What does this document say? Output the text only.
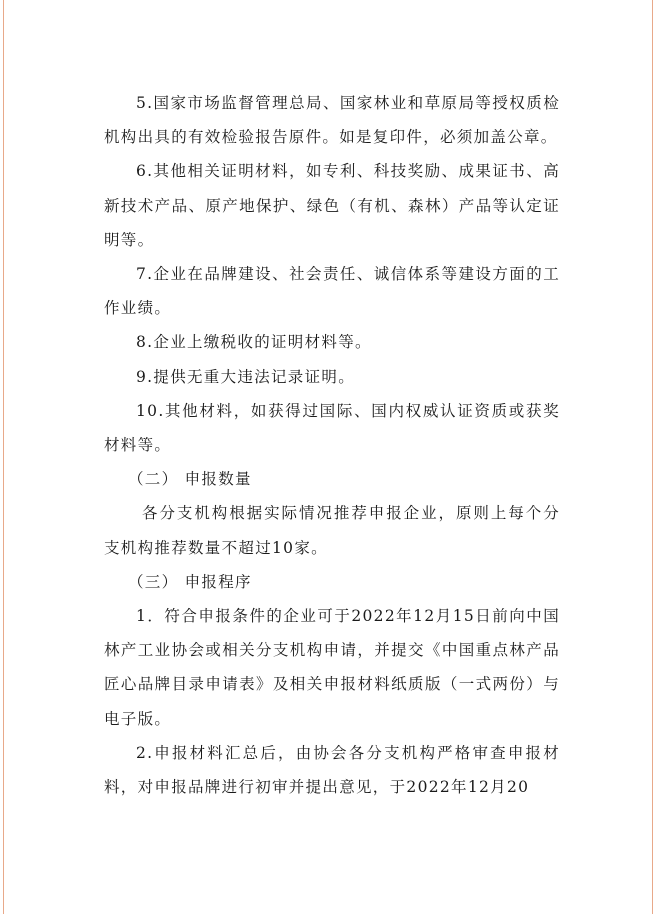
5.国家市场监督管理总局、国家林业和草原局等授权质检机构出具的有效检验报告原件。如是复印件，必须加盖公章。

6.其他相关证明材料，如专利、科技奖励、成果证书、高新技术产品、原产地保护、绿色（有机、森林）产品等认定证明等。

7.企业在品牌建设、社会责任、诚信体系等建设方面的工作业绩。

8.企业上缴税收的证明材料等。

9.提供无重大违法记录证明。

10.其他材料，如获得过国际、国内权威认证资质或获奖材料等。

（二） 申报数量

各分支机构根据实际情况推荐申报企业，原则上每个分支机构推荐数量不超过10家。

（三） 申报程序

1．符合申报条件的企业可于2022年12月15日前向中国林产工业协会或相关分支机构申请，并提交《中国重点林产品匠心品牌目录申请表》及相关申报材料纸质版（一式两份）与电子版。

2.申报材料汇总后，由协会各分支机构严格审查申报材料，对申报品牌进行初审并提出意见，于2022年12月20
